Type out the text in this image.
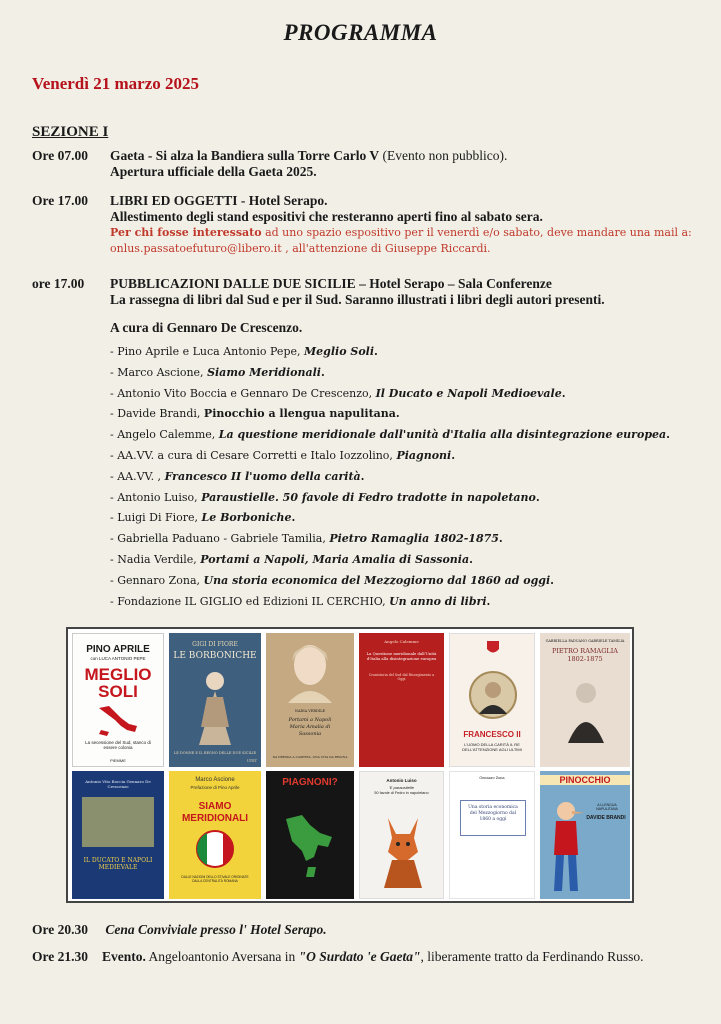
PROGRAMMA
Venerdì 21 marzo 2025
SEZIONE I
Ore 07.00 Gaeta - Si alza la Bandiera sulla Torre Carlo V (Evento non pubblico).
Apertura ufficiale della Gaeta 2025.
Ore 17.00 LIBRI ED OGGETTI - Hotel Serapo.
Allestimento degli stand espositivi che resteranno aperti fino al sabato sera.
Per chi fosse interessato ad uno spazio espositivo per il venerdì e/o sabato, deve mandare una mail a:
onlus.passatoefuturo@libero.it , all'attenzione di Giuseppe Riccardi.
ore 17.00 PUBBLICAZIONI DALLE DUE SICILIE – Hotel Serapo – Sala Conferenze
La rassegna di libri dal Sud e per il Sud. Saranno illustrati i libri degli autori presenti.
A cura di Gennaro De Crescenzo.
- Pino Aprile e Luca Antonio Pepe, Meglio Soli.
- Marco Ascione, Siamo Meridionali.
- Antonio Vito Boccia e Gennaro De Crescenzo, Il Ducato e Napoli Medioevale.
- Davide Brandi, Pinocchio a llengua napulitana.
- Angelo Calemme, La questione meridionale dall'unità d'Italia alla disintegrazione europea.
- AA.VV. a cura di Cesare Corretti e Italo Iozzolino, Piagnoni.
- AA.VV. , Francesco II l'uomo della carità.
- Antonio Luiso, Paraustielle. 50 favole di Fedro tradotte in napoletano.
- Luigi Di Fiore, Le Borboniche.
- Gabriella Paduano - Gabriele Tamilia, Pietro Ramaglia 1802-1875.
- Nadia Verdile, Portami a Napoli, Maria Amalia di Sassonia.
- Gennaro Zona, Una storia economica del Mezzogiorno dal 1860 ad oggi.
- Fondazione IL GIGLIO ed Edizioni IL CERCHIO, Un anno di libri.
PINO APRILE
con LUCA ANTONIO PEPE
MEGLIO
SOLI
La secessione del Sud, stanco di essere colonia
PIEMME
GIGI DI FIORE
LE BORBONICHE
LE DONNE E IL REGNO DELLE DUE SICILIE
UTET
NADIA VERDILE
Portami a Napoli Maria Amalia di Sassonia
DA DRESDA A CASERTA, UNA VITA DA REGINA
Angelo Calemme
La Questione meridionale dall'Unità d'Italia alla disintegrazione europea
Cronistoria del Sud dal Risorgimento a Oggi
FRANCESCO II
L'UOMO DELLA CARITÀ IL RE DELL'ATTENZIONE AGLI ULTIMI
GABRIELLA PADUANO GABRIELE TAMILIA
PIETRO RAMAGLIA 1802-1875
Antonio Vito Boccia Gennaro De Crescenzo
IL DUCATO E NAPOLI MEDIEVALE
Marco Ascione
Prefazione di Pino Aprile
SIAMO
MERIDIONALI
DALLE NAZIONI DELLO STIVALE ORIGINATE DALLA CENTRALITÀ ROMANA
PIAGNONI?	Antonio Luiso
'E paraustielle
50 favole di Fedro in napoletano
Gennaro Zona
Una storia economica del Mezzogiorno dal 1860 a oggi
PINOCCHIO
A LLENGUA NAPULITANA
DAVIDE BRANDI
Ore 20.30 Cena Conviviale presso l' Hotel Serapo.
Ore 21.30 Evento. Angeloantonio Aversana in "O Surdato 'e Gaeta", liberamente tratto da Ferdinando Russo.
